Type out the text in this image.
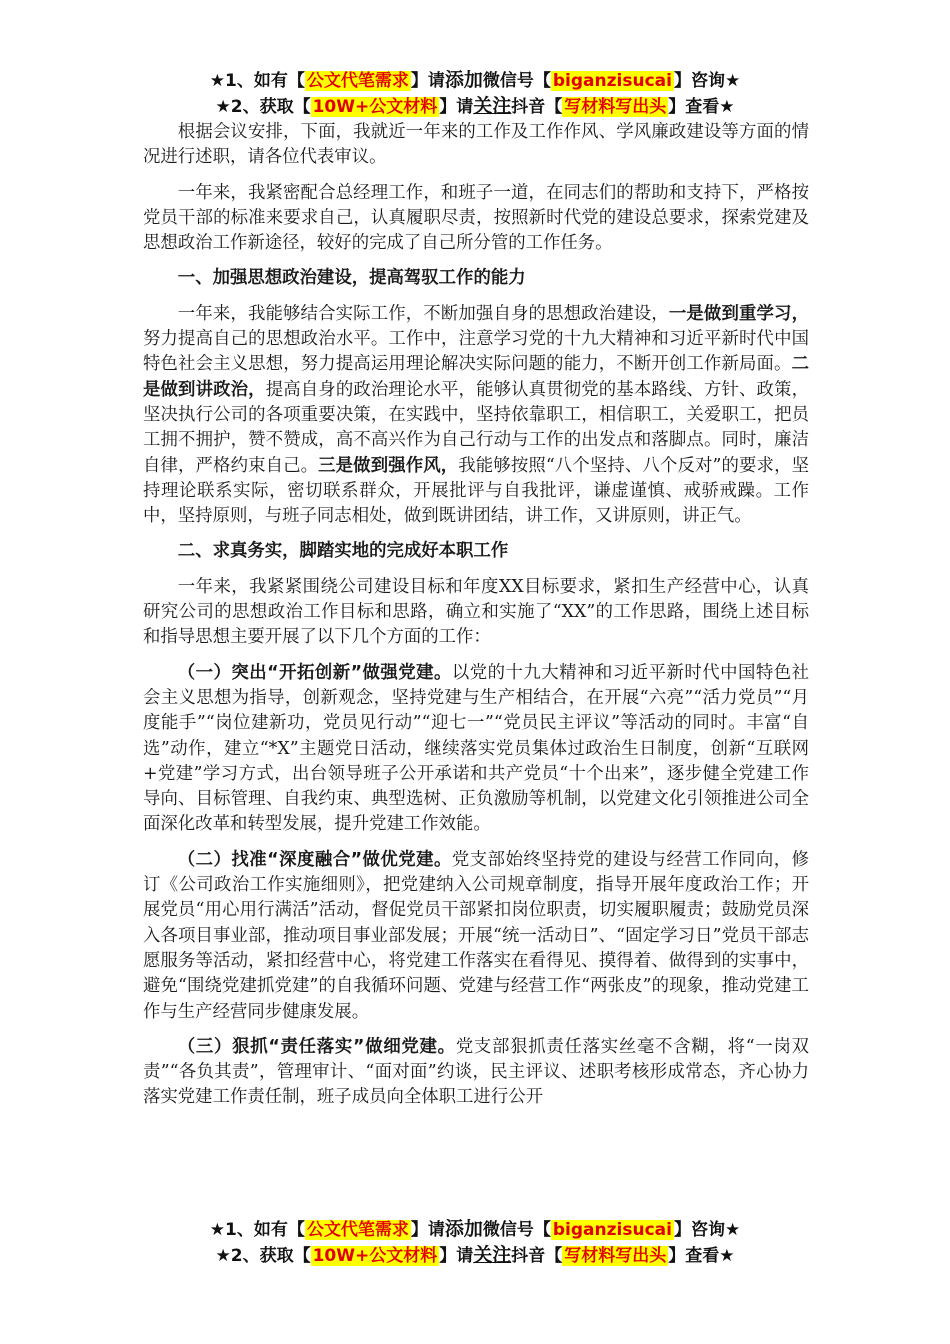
★1、如有【 公文代笔需求 】请添加微信号【 biganzisucai 】咨询★
★2、获取【 10W+公文材料 】请关注抖音【 写材料写出头 】查看★

根据会议安排，下面，我就近一年来的工作及工作作风、学风廉政建设等方面的情况进行述职，请各位代表审议。

一年来，我紧密配合总经理工作，和班子一道，在同志们的帮助和支持下，严格按党员干部的标准来要求自己，认真履职尽责，按照新时代党的建设总要求，探索党建及思想政治工作新途径，较好的完成了自己所分管的工作任务。

一、加强思想政治建设，提高驾驭工作的能力

一年来，我能够结合实际工作，不断加强自身的思想政治建设，一是做到重学习，努力提高自己的思想政治水平。工作中，注意学习党的十九大精神和习近平新时代中国特色社会主义思想，努力提高运用理论解决实际问题的能力，不断开创工作新局面。二是做到讲政治，提高自身的政治理论水平，能够认真贯彻党的基本路线、方针、政策，坚决执行公司的各项重要决策，在实践中，坚持依靠职工，相信职工，关爱职工，把员工拥不拥护，赞不赞成，高不高兴作为自己行动与工作的出发点和落脚点。同时，廉洁自律，严格约束自己。三是做到强作风，我能够按照“八个坚持、八个反对”的要求，坚持理论联系实际，密切联系群众，开展批评与自我批评，谦虚谨慎、戒骄戒躁。工作中，坚持原则，与班子同志相处，做到既讲团结，讲工作，又讲原则，讲正气。

二、求真务实，脚踏实地的完成好本职工作

一年来，我紧紧围绕公司建设目标和年度XX目标要求，紧扣生产经营中心，认真研究公司的思想政治工作目标和思路，确立和实施了“XX”的工作思路，围绕上述目标和指导思想主要开展了以下几个方面的工作：

（一）突出“开拓创新”做强党建。以党的十九大精神和习近平新时代中国特色社会主义思想为指导，创新观念，坚持党建与生产相结合，在开展“六亮”“活力党员”“月度能手”“岗位建新功，党员见行动”“迎七一”“党员民主评议”等活动的同时。丰富“自选”动作，建立“*X”主题党日活动，继续落实党员集体过政治生日制度，创新“互联网+党建”学习方式，出台领导班子公开承诺和共产党员“十个出来”，逐步健全党建工作导向、目标管理、自我约束、典型选树、正负激励等机制，以党建文化引领推进公司全面深化改革和转型发展，提升党建工作效能。

（二）找准“深度融合”做优党建。党支部始终坚持党的建设与经营工作同向，修订《公司政治工作实施细则》，把党建纳入公司规章制度，指导开展年度政治工作；开展党员“用心用行满活”活动，督促党员干部紧扣岗位职责，切实履职履责；鼓励党员深入各项目事业部，推动项目事业部发展；开展“统一活动日”、“固定学习日”党员干部志愿服务等活动，紧扣经营中心，将党建工作落实在看得见、摸得着、做得到的实事中，避免“围绕党建抓党建”的自我循环问题、党建与经营工作“两张皮”的现象，推动党建工作与生产经营同步健康发展。

（三）狠抓“责任落实”做细党建。党支部狠抓责任落实丝毫不含糊，将“一岗双责”“各负其责”，管理审计、“面对面”约谈，民主评议、述职考核形成常态，齐心协力落实党建工作责任制，班子成员向全体职工进行公开

★1、如有【 公文代笔需求 】请添加微信号【 biganzisucai 】咨询★
★2、获取【 10W+公文材料 】请关注抖音【 写材料写出头 】查看★
